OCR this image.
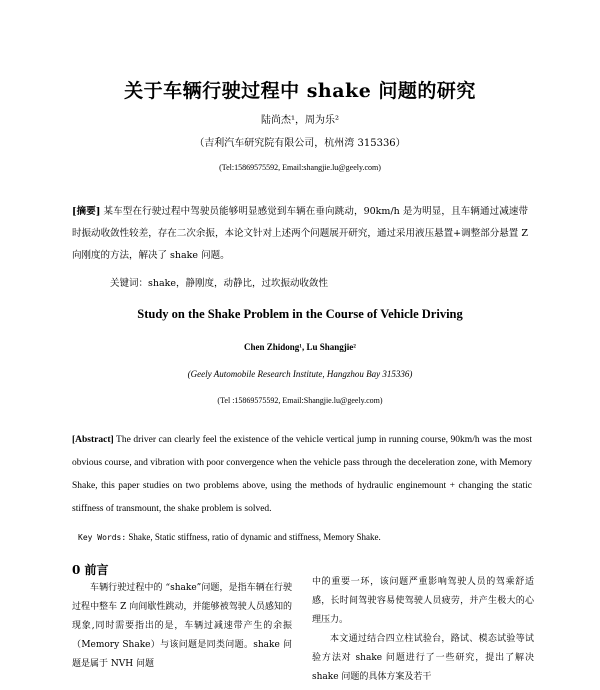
关于车辆行驶过程中 shake 问题的研究
陆尚杰¹，周为乐²
（吉利汽车研究院有限公司，杭州湾 315336）
(Tel:15869575592, Email:shangjie.lu@geely.com)
[摘要] 某车型在行驶过程中驾驶员能够明显感觉到车辆在垂向跳动，90km/h 是为明显，且车辆通过减速带时振动收敛性较差，存在二次余振，本论文针对上述两个问题展开研究，通过采用液压悬置+调整部分悬置 Z 向刚度的方法，解决了 shake 问题。
关键词：shake，静刚度，动静比，过坎振动收敛性
Study on the Shake Problem in the Course of Vehicle Driving
Chen Zhidong¹, Lu Shangjie²
(Geely Automobile Research Institute, Hangzhou Bay 315336)
(Tel :15869575592, Email:Shangjie.lu@geely.com)
[Abstract] The driver can clearly feel the existence of the vehicle vertical jump in running course, 90km/h was the most obvious course, and vibration with poor convergence when the vehicle pass through the deceleration zone, with Memory Shake, this paper studies on two problems above, using the methods of hydraulic enginemount + changing the static stiffness of transmount, the shake problem is solved.
Key Words: Shake, Static stiffness, ratio of dynamic and stiffness, Memory Shake.
0 前言
车辆行驶过程中的 “shake”问题，是指车辆在行驶过程中整车 Z 向间歇性跳动，并能够被驾驶人员感知的现象,同时需要指出的是，车辆过减速带产生的余振（Memory Shake）与该问题是同类问题。shake 问题是属于 NVH 问题
中的重要一环，该问题严重影响驾驶人员的驾乘舒适感，长时间驾驶容易使驾驶人员疲劳，并产生极大的心理压力。
本文通过结合四立柱试验台，路试、模态试验等试验方法对 shake 问题进行了一些研究，提出了解决 shake 问题的具体方案及若干
